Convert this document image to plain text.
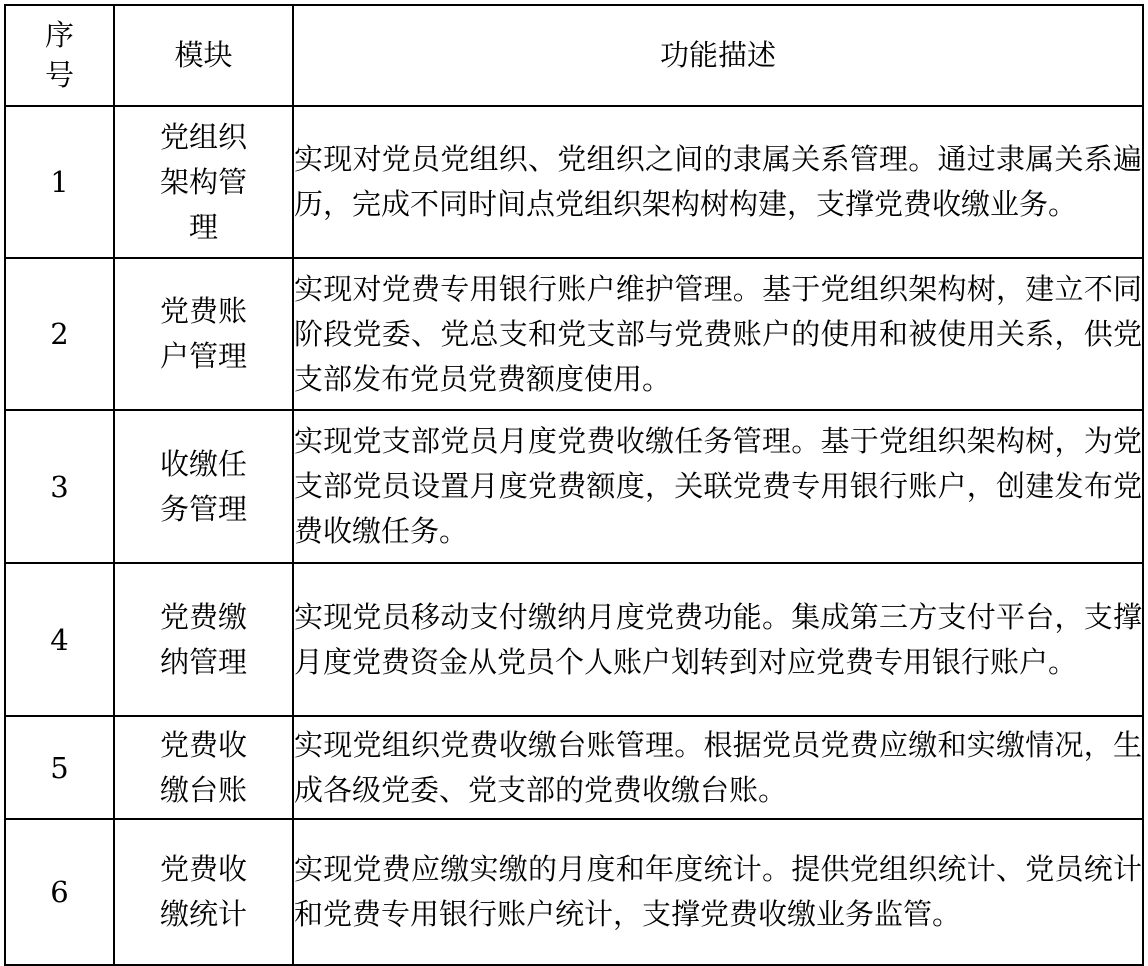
序号	模块	功能描述
1	党组织架构管理	实现对党员党组织、党组织之间的隶属关系管理。通过隶属关系遍历，完成不同时间点党组织架构树构建，支撑党费收缴业务。
2	党费账户管理	实现对党费专用银行账户维护管理。基于党组织架构树，建立不同阶段党委、党总支和党支部与党费账户的使用和被使用关系，供党支部发布党员党费额度使用。
3	收缴任务管理	实现党支部党员月度党费收缴任务管理。基于党组织架构树，为党支部党员设置月度党费额度，关联党费专用银行账户，创建发布党费收缴任务。
4	党费缴纳管理	实现党员移动支付缴纳月度党费功能。集成第三方支付平台，支撑月度党费资金从党员个人账户划转到对应党费专用银行账户。
5	党费收缴台账	实现党组织党费收缴台账管理。根据党员党费应缴和实缴情况，生成各级党委、党支部的党费收缴台账。
6	党费收缴统计	实现党费应缴实缴的月度和年度统计。提供党组织统计、党员统计和党费专用银行账户统计，支撑党费收缴业务监管。
